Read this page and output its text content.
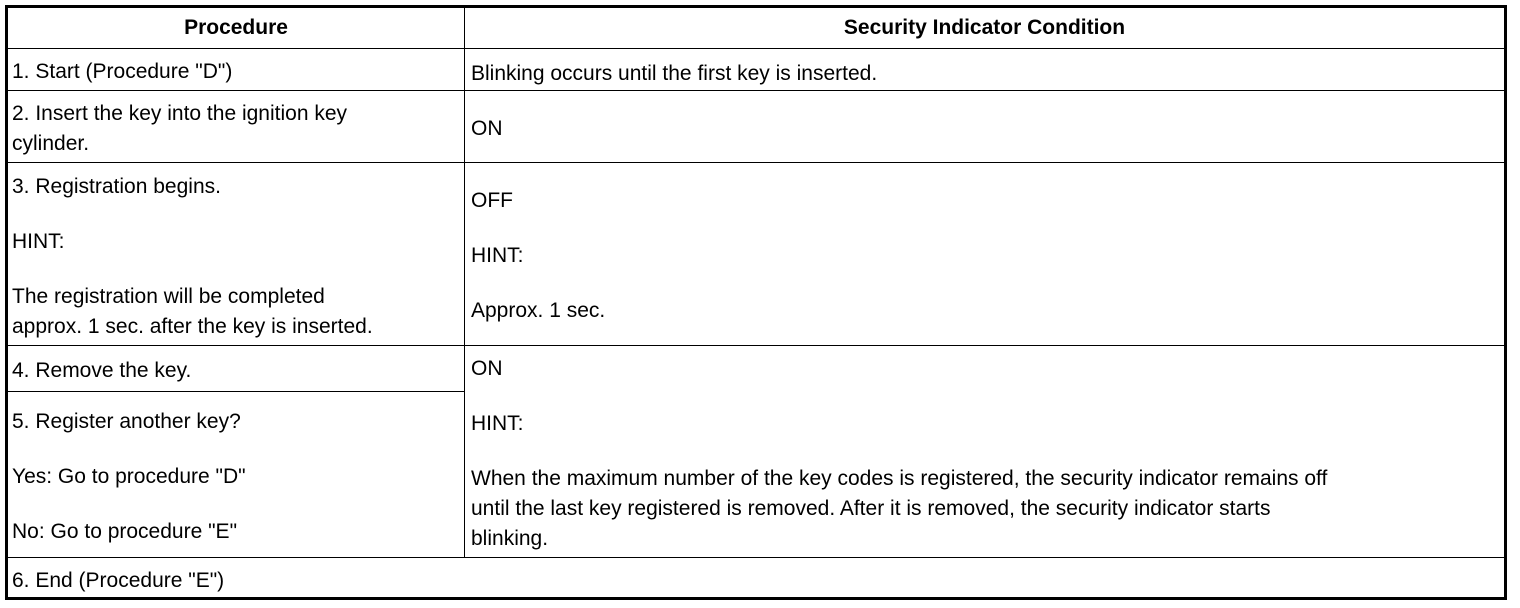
Procedure	Security Indicator Condition
1. Start (Procedure "D")	Blinking occurs until the first key is inserted.
2. Insert the key into the ignition key
cylinder.
ON
3. Registration begins.
HINT:
The registration will be completed
approx. 1 sec. after the key is inserted.
OFF
HINT:
Approx. 1 sec.
4. Remove the key.
5. Register another key?
Yes: Go to procedure "D"
No: Go to procedure "E"
ON
HINT:
When the maximum number of the key codes is registered, the security indicator remains off
until the last key registered is removed. After it is removed, the security indicator starts
blinking.
6. End (Procedure "E")
